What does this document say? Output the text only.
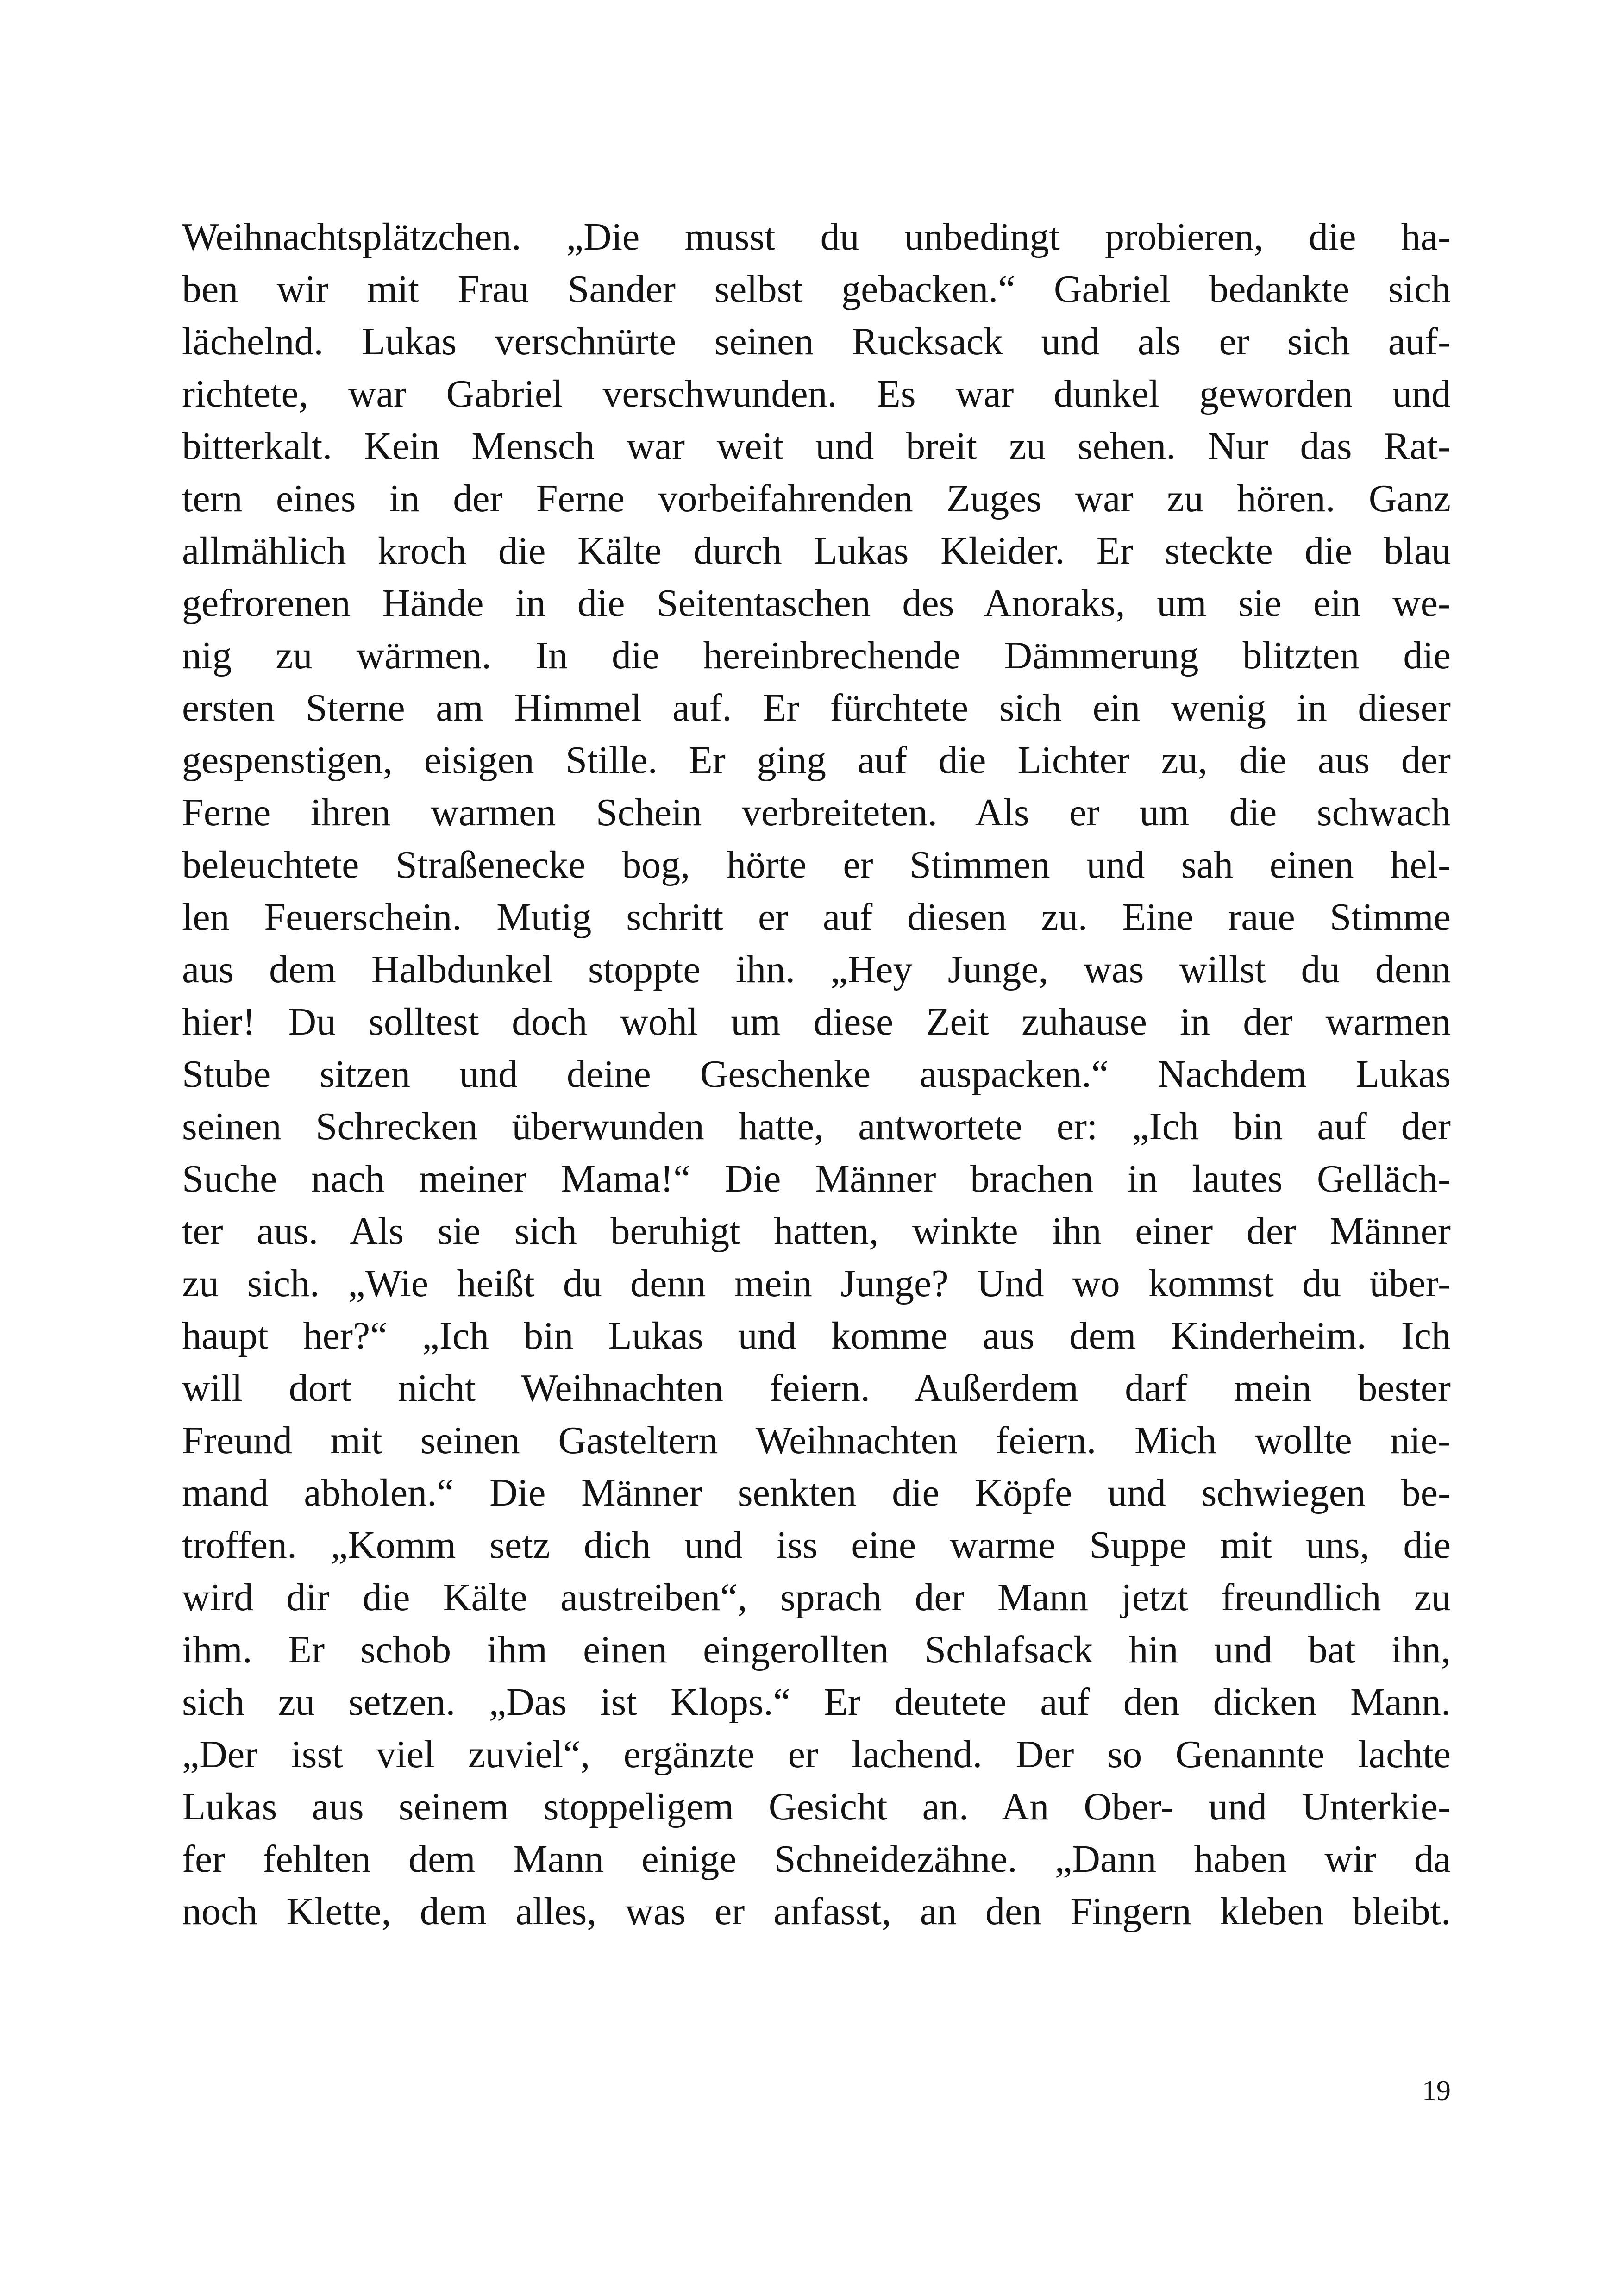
Weihnachtsplätzchen. „Die musst du unbedingt probieren, die ha-
ben wir mit Frau Sander selbst gebacken.“ Gabriel bedankte sich
lächelnd. Lukas verschnürte seinen Rucksack und als er sich auf-
richtete, war Gabriel verschwunden. Es war dunkel geworden und
bitterkalt. Kein Mensch war weit und breit zu sehen. Nur das Rat-
tern eines in der Ferne vorbeifahrenden Zuges war zu hören. Ganz
allmählich kroch die Kälte durch Lukas Kleider. Er steckte die blau
gefrorenen Hände in die Seitentaschen des Anoraks, um sie ein we-
nig zu wärmen. In die hereinbrechende Dämmerung blitzten die
ersten Sterne am Himmel auf. Er fürchtete sich ein wenig in dieser
gespenstigen, eisigen Stille. Er ging auf die Lichter zu, die aus der
Ferne ihren warmen Schein verbreiteten. Als er um die schwach
beleuchtete Straßenecke bog, hörte er Stimmen und sah einen hel-
len Feuerschein. Mutig schritt er auf diesen zu. Eine raue Stimme
aus dem Halbdunkel stoppte ihn. „Hey Junge, was willst du denn
hier! Du solltest doch wohl um diese Zeit zuhause in der warmen
Stube sitzen und deine Geschenke auspacken.“ Nachdem Lukas
seinen Schrecken überwunden hatte, antwortete er: „Ich bin auf der
Suche nach meiner Mama!“ Die Männer brachen in lautes Gelläch-
ter aus. Als sie sich beruhigt hatten, winkte ihn einer der Männer
zu sich. „Wie heißt du denn mein Junge? Und wo kommst du über-
haupt her?“ „Ich bin Lukas und komme aus dem Kinderheim. Ich
will dort nicht Weihnachten feiern. Außerdem darf mein bester
Freund mit seinen Gasteltern Weihnachten feiern. Mich wollte nie-
mand abholen.“ Die Männer senkten die Köpfe und schwiegen be-
troffen. „Komm setz dich und iss eine warme Suppe mit uns, die
wird dir die Kälte austreiben“, sprach der Mann jetzt freundlich zu
ihm. Er schob ihm einen eingerollten Schlafsack hin und bat ihn,
sich zu setzen. „Das ist Klops.“ Er deutete auf den dicken Mann.
„Der isst viel zuviel“, ergänzte er lachend. Der so Genannte lachte
Lukas aus seinem stoppeligem Gesicht an. An Ober- und Unterkie-
fer fehlten dem Mann einige Schneidezähne. „Dann haben wir da
noch Klette, dem alles, was er anfasst, an den Fingern kleben bleibt.
19
